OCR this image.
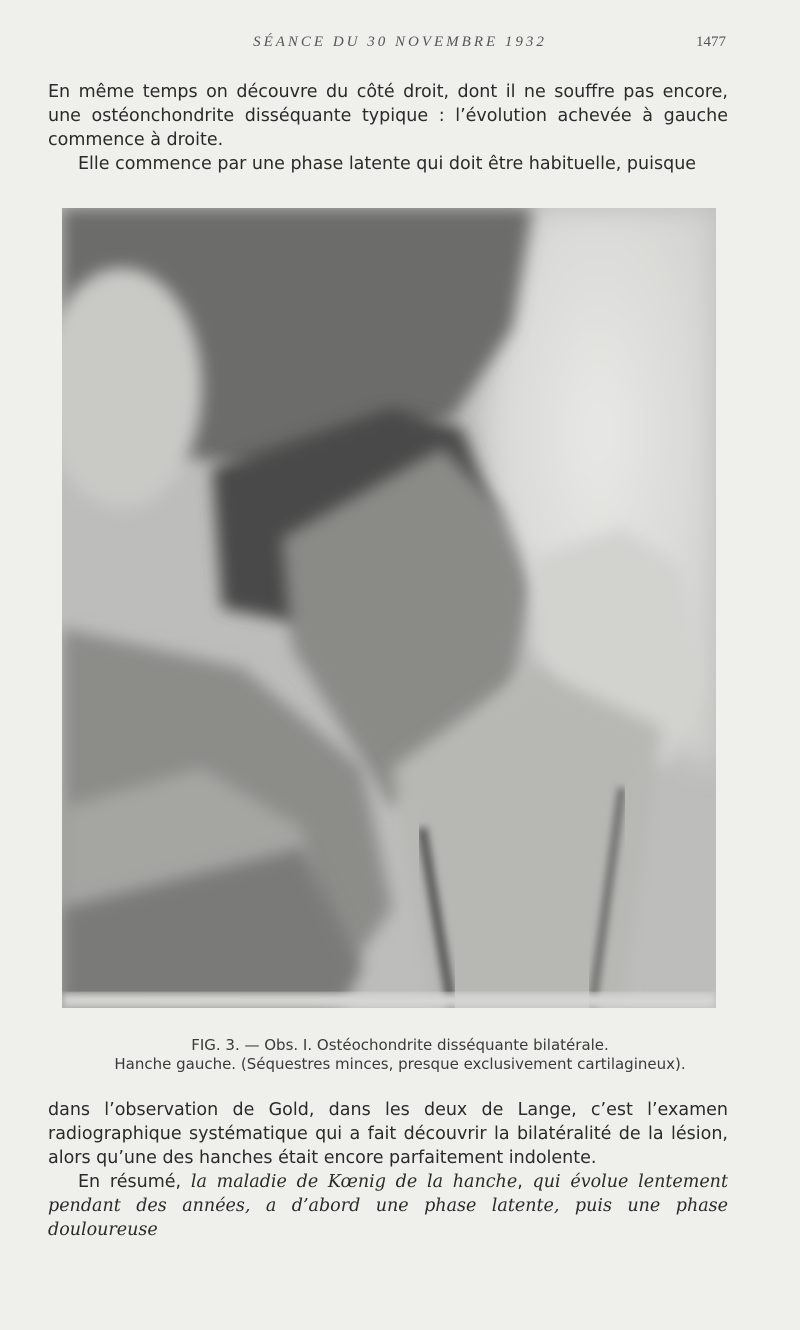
SÉANCE DU 30 NOVEMBRE 1932	1477

En même temps on découvre du côté droit, dont il ne souffre pas encore, une ostéonchondrite disséquante typique : l’évolution achevée à gauche commence à droite.

Elle commence par une phase latente qui doit être habituelle, puisque

FIG. 3. — Obs. I. Ostéochondrite disséquante bilatérale.
Hanche gauche. (Séquestres minces, presque exclusivement cartilagineux).

dans l’observation de Gold, dans les deux de Lange, c’est l’examen radiographique systématique qui a fait découvrir la bilatéralité de la lésion, alors qu’une des hanches était encore parfaitement indolente.

En résumé, la maladie de Kœnig de la hanche, qui évolue lentement pendant des années, a d’abord une phase latente, puis une phase douloureuse
